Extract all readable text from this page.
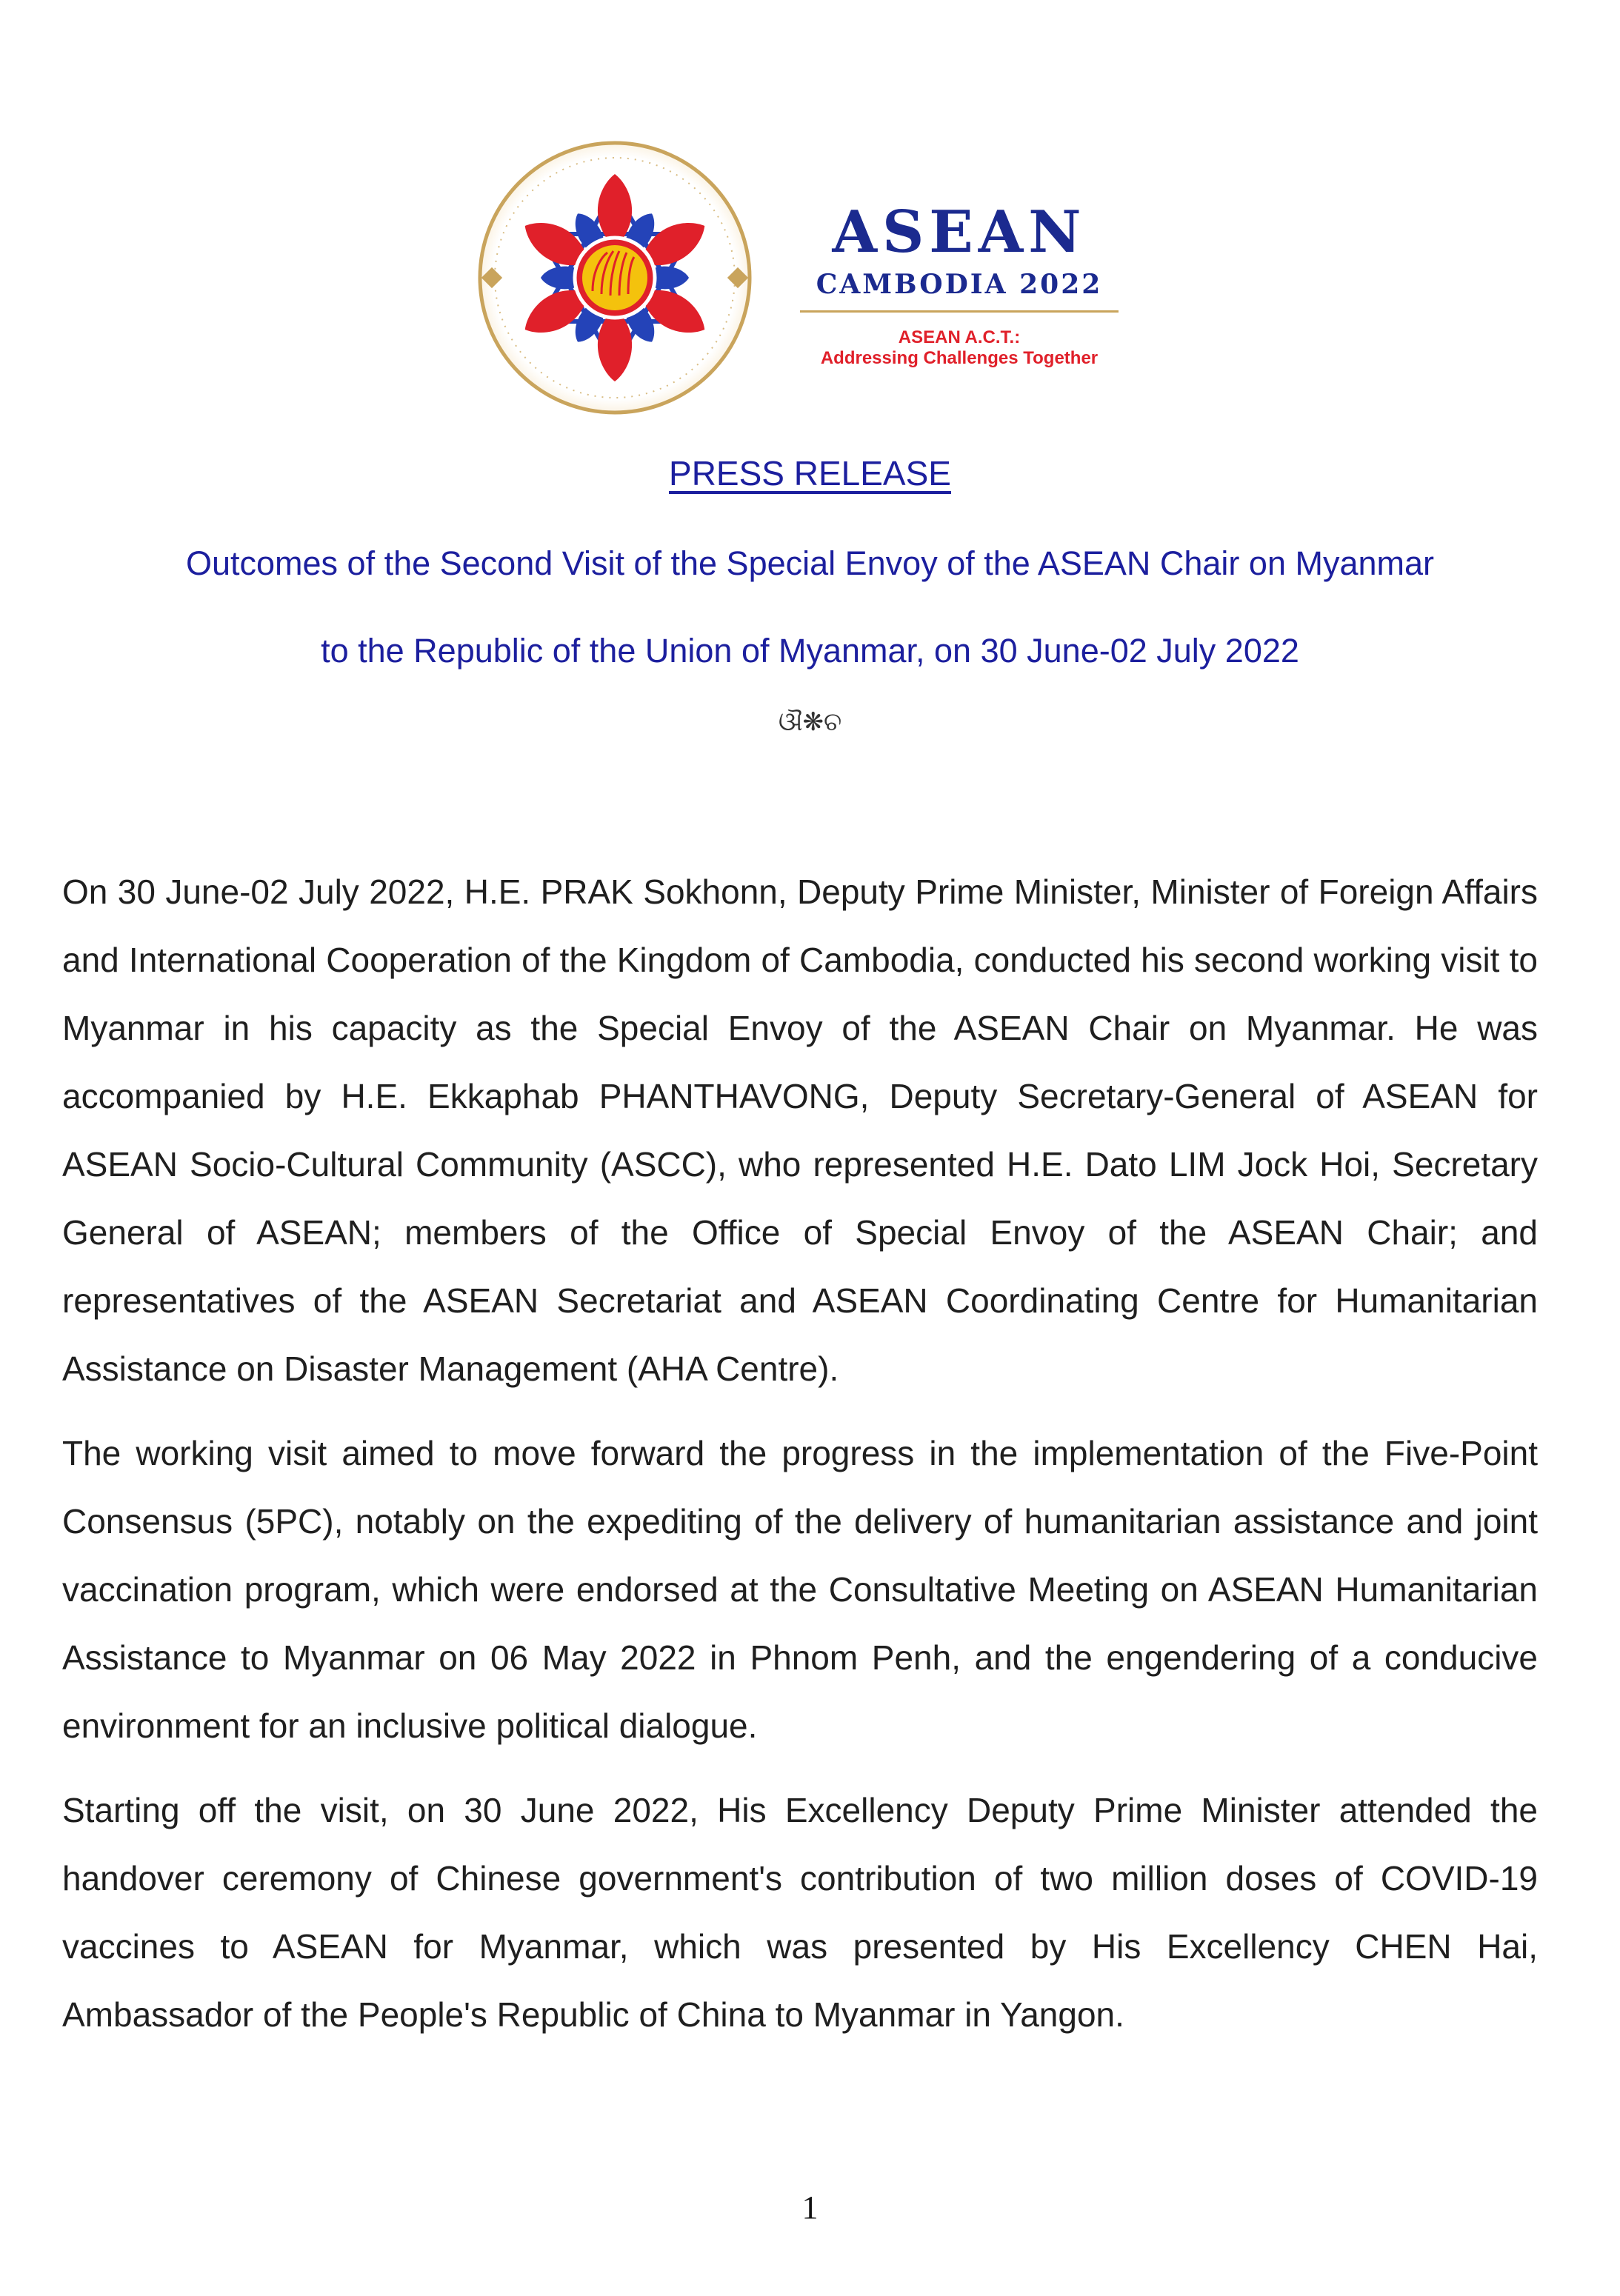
ASEAN
CAMBODIA 2022
ASEAN A.C.T.:
Addressing Challenges Together
PRESS RELEASE
Outcomes of the Second Visit of the Special Envoy of the ASEAN Chair on Myanmar
to the Republic of the Union of Myanmar, on 30 June-02 July 2022
ଔ❋ଚ

On 30 June-02 July 2022, H.E. PRAK Sokhonn, Deputy Prime Minister, Minister of Foreign Affairs and International Cooperation of the Kingdom of Cambodia, conducted his second working visit to Myanmar in his capacity as the Special Envoy of the ASEAN Chair on Myanmar. He was accompanied by H.E. Ekkaphab PHANTHAVONG, Deputy Secretary-General of ASEAN for ASEAN Socio-Cultural Community (ASCC), who represented H.E. Dato LIM Jock Hoi, Secretary General of ASEAN; members of the Office of Special Envoy of the ASEAN Chair; and representatives of the ASEAN Secretariat and ASEAN Coordinating Centre for Humanitarian Assistance on Disaster Management (AHA Centre).

The working visit aimed to move forward the progress in the implementation of the Five-Point Consensus (5PC), notably on the expediting of the delivery of humanitarian assistance and joint vaccination program, which were endorsed at the Consultative Meeting on ASEAN Humanitarian Assistance to Myanmar on 06 May 2022 in Phnom Penh, and the engendering of a conducive environment for an inclusive political dialogue.

Starting off the visit, on 30 June 2022, His Excellency Deputy Prime Minister attended the handover ceremony of Chinese government's contribution of two million doses of COVID-19 vaccines to ASEAN for Myanmar, which was presented by His Excellency CHEN Hai, Ambassador of the People's Republic of China to Myanmar in Yangon.

1
